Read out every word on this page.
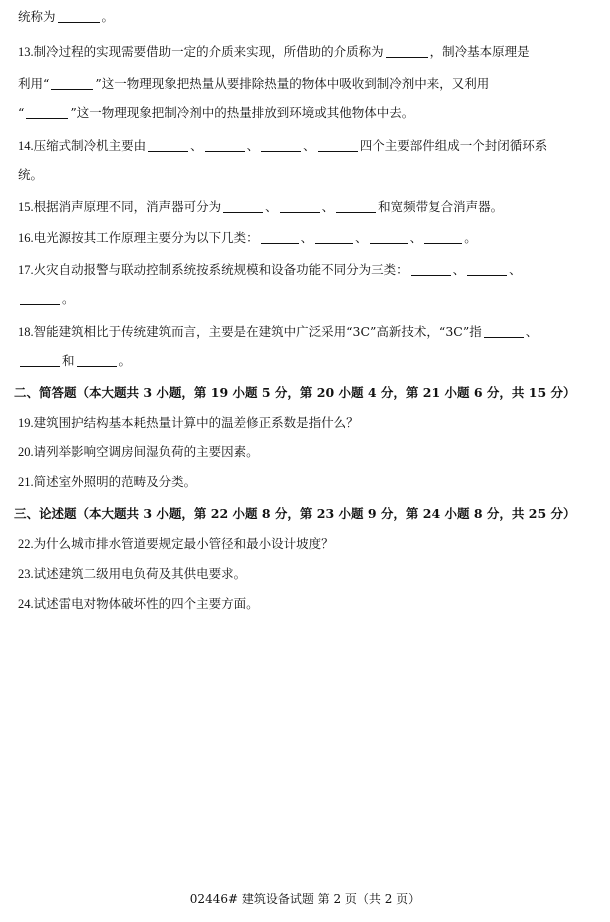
统称为	。
13.制冷过程的实现需要借助一定的介质来实现，所借助的介质称为	，制冷基本原理是
利用“	”这一物理现象把热量从要排除热量的物体中吸收到制冷剂中来，又利用
“	”这一物理现象把制冷剂中的热量排放到环境或其他物体中去。
14.压缩式制冷机主要由	、	、	、	四个主要部件组成一个封闭循环系
统。
15.根据消声原理不同，消声器可分为	、	、	和宽频带复合消声器。
16.电光源按其工作原理主要分为以下几类：	、	、	、	。
17.火灾自动报警与联动控制系统按系统规模和设备功能不同分为三类：	、	、
。
18.智能建筑相比于传统建筑而言，主要是在建筑中广泛采用“3C”高新技术，“3C”指	、
和	。
二、简答题（本大题共 3 小题，第 19 小题 5 分，第 20 小题 4 分，第 21 小题 6 分，共 15 分）
19.建筑围护结构基本耗热量计算中的温差修正系数是指什么？
20.请列举影响空调房间湿负荷的主要因素。
21.简述室外照明的范畴及分类。
三、论述题（本大题共 3 小题，第 22 小题 8 分，第 23 小题 9 分，第 24 小题 8 分，共 25 分）
22.为什么城市排水管道要规定最小管径和最小设计坡度？
23.试述建筑二级用电负荷及其供电要求。
24.试述雷电对物体破坏性的四个主要方面。
02446# 建筑设备试题 第 2 页（共 2 页）
